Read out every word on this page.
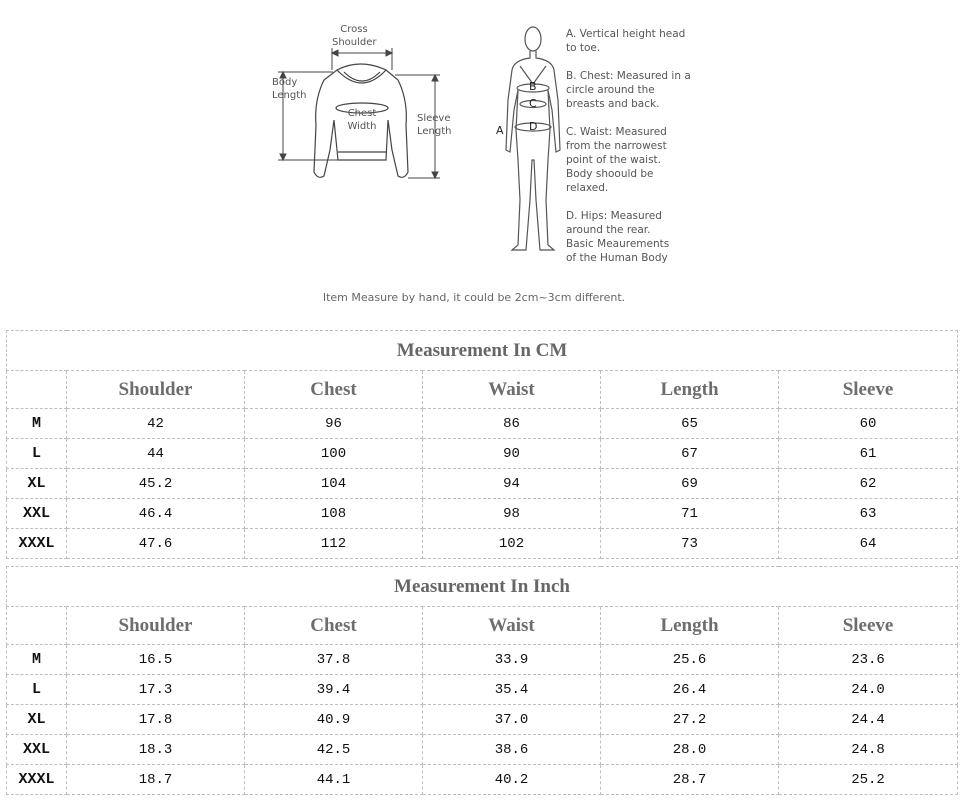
Cross
Shoulder
Body
Length
Chest
Width
Sleeve
Length	A
B
C
D
A. Vertical height head
to toe.
B. Chest: Measured in a
circle around the
breasts and back.
C. Waist: Measured
from the narrowest
point of the waist.
Body shoould be
relaxed.
D. Hips: Measured
around the rear.
Basic Meaurements
of the Human Body
Item Measure by hand, it could be 2cm~3cm different.
Measurement In CM					
	Shoulder	Chest	Waist	Length	Sleeve
M	42	96	86	65	60
L	44	100	90	67	61
XL	45.2	104	94	69	62
XXL	46.4	108	98	71	63
XXXL	47.6	112	102	73	64
Measurement In Inch					
	Shoulder	Chest	Waist	Length	Sleeve
M	16.5	37.8	33.9	25.6	23.6
L	17.3	39.4	35.4	26.4	24.0
XL	17.8	40.9	37.0	27.2	24.4
XXL	18.3	42.5	38.6	28.0	24.8
XXXL	18.7	44.1	40.2	28.7	25.2
